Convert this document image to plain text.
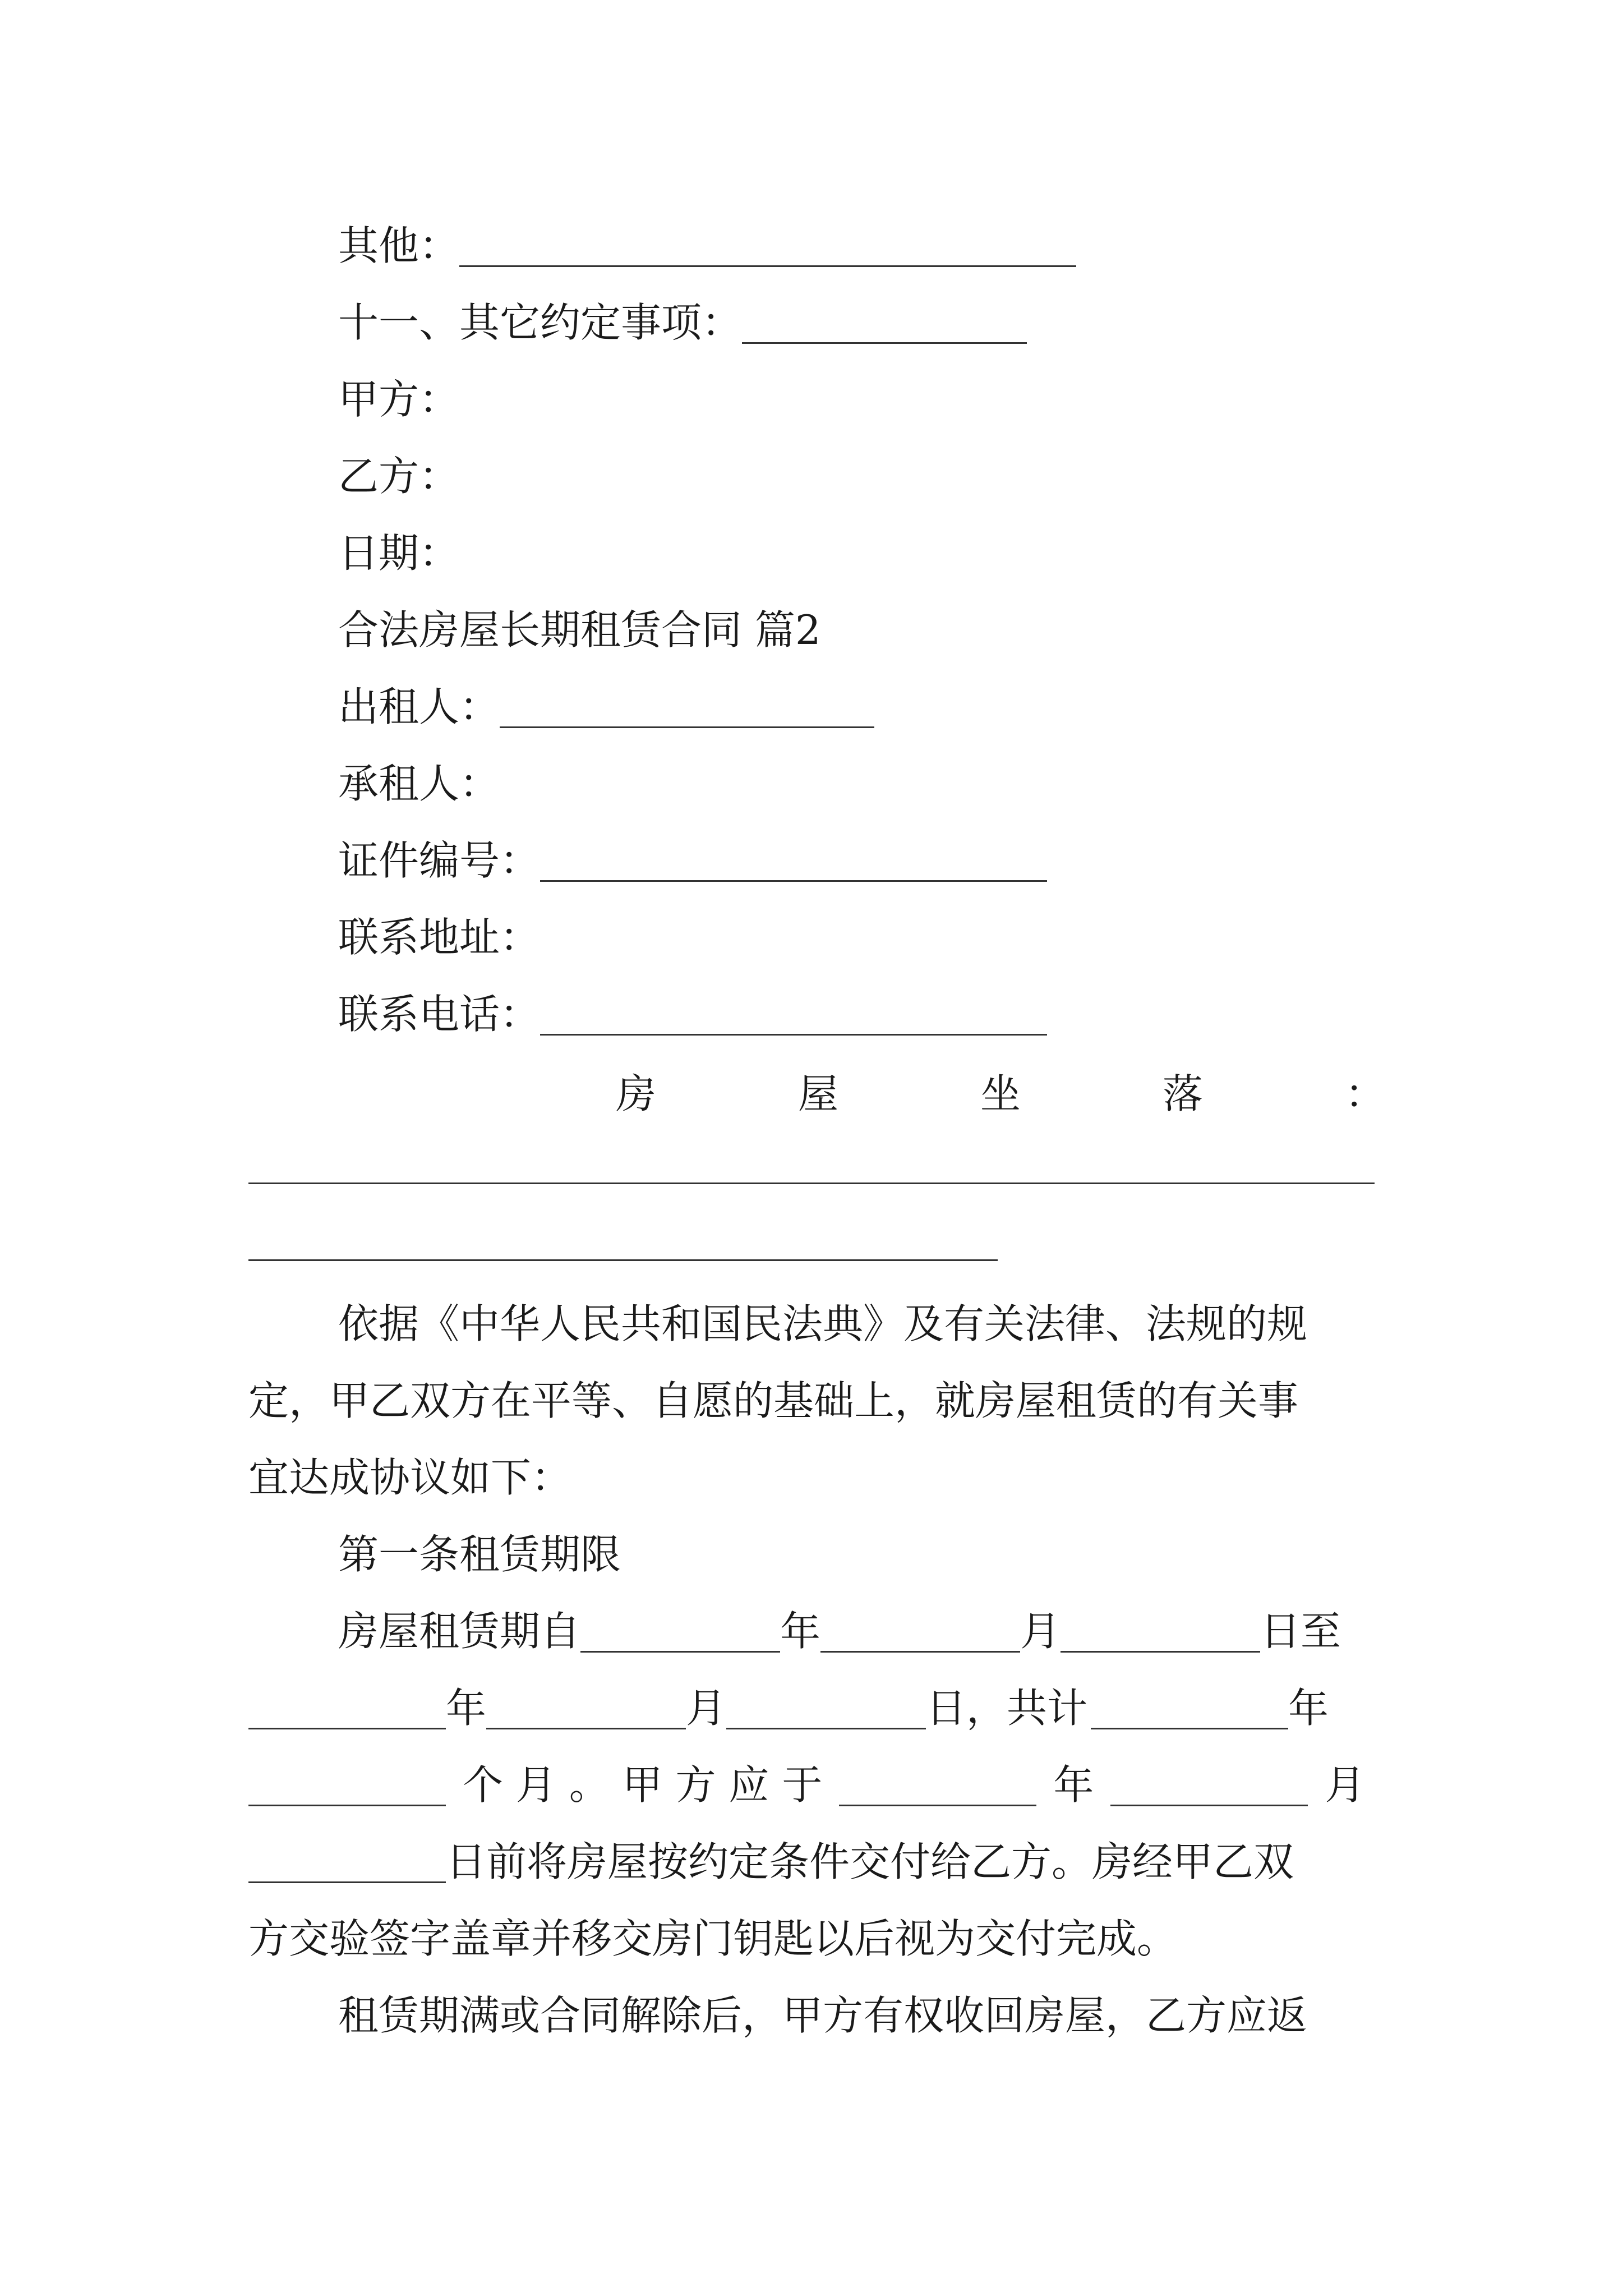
其他：
十一、其它约定事项：
甲方：
乙方：
日期：
合法房屋长期租赁合同 篇2
出租人：
承租人：
证件编号：
联系地址：
联系电话：
房	屋	坐	落	：
依据《中华人民共和国民法典》及有关法律、法规的规
定，甲乙双方在平等、自愿的基础上，就房屋租赁的有关事
宜达成协议如下：
第一条租赁期限
房屋租赁期自	年	月	日至
年	月	日，共计	年
个 月 。 甲 方 应 于	年	月
日前将房屋按约定条件交付给乙方。房经甲乙双
方交验签字盖章并移交房门钥匙以后视为交付完成。
租赁期满或合同解除后，甲方有权收回房屋，乙方应返
